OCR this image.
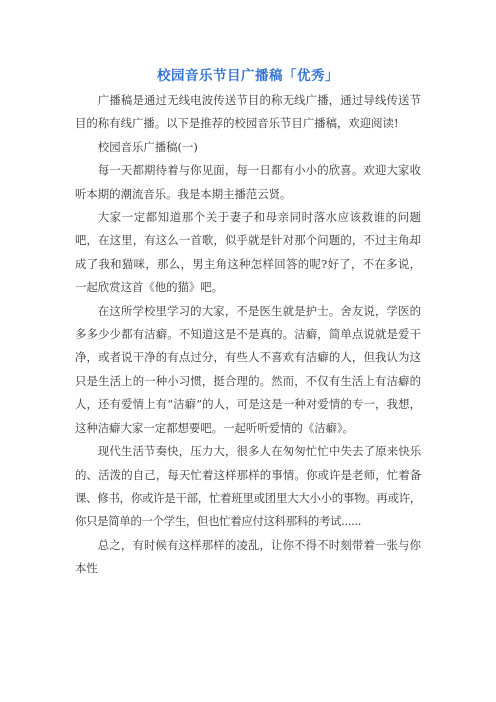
校园音乐节目广播稿「优秀」

广播稿是通过无线电波传送节目的称无线广播，通过导线传送节目的称有线广播。以下是推荐的校园音乐节目广播稿，欢迎阅读!

校园音乐广播稿(一)

每一天都期待着与你见面，每一日都有小小的欣喜。欢迎大家收听本期的潮流音乐。我是本期主播范云贤。

大家一定都知道那个关于妻子和母亲同时落水应该救谁的问题吧，在这里，有这么一首歌，似乎就是针对那个问题的，不过主角却成了我和猫咪，那么，男主角这种怎样回答的呢?好了，不在多说，一起欣赏这首《他的猫》吧。

在这所学校里学习的大家，不是医生就是护士。舍友说，学医的多多少少都有洁癖。不知道这是不是真的。洁癖，简单点说就是爱干净，或者说干净的有点过分，有些人不喜欢有洁癖的人，但我认为这只是生活上的一种小习惯，挺合理的。然而，不仅有生活上有洁癖的人，还有爱情上有“洁癖”的人，可是这是一种对爱情的专一，我想，这种洁癖大家一定都想要吧。一起听听爱情的《洁癖》。

现代生活节奏快，压力大，很多人在匆匆忙忙中失去了原来快乐的、活泼的自己，每天忙着这样那样的事情。你或许是老师，忙着备课、修书，你或许是干部，忙着班里或团里大大小小的事物。再或许，你只是简单的一个学生，但也忙着应付这科那科的考试......

总之，有时候有这样那样的凌乱，让你不得不时刻带着一张与你本性
